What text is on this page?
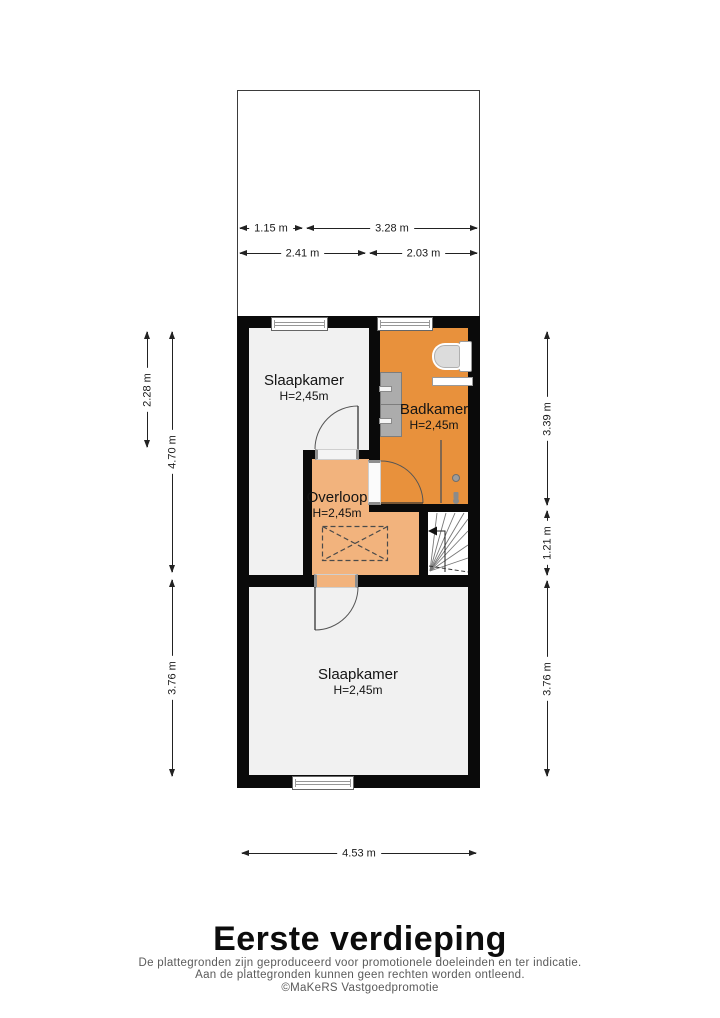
Slaapkamer
H=2,45m
Badkamer
H=2,45m
Overloop
H=2,45m
Slaapkamer
H=2,45m
1.15 m	3.28 m
2.41 m	2.03 m
2.28 m
4.70 m
3.76 m
3.39 m
1.21 m
3.76 m
4.53 m
Eerste verdieping
De plattegronden zijn geproduceerd voor promotionele doeleinden en ter indicatie.
Aan de plattegronden kunnen geen rechten worden ontleend.
©MaKeRS Vastgoedpromotie
